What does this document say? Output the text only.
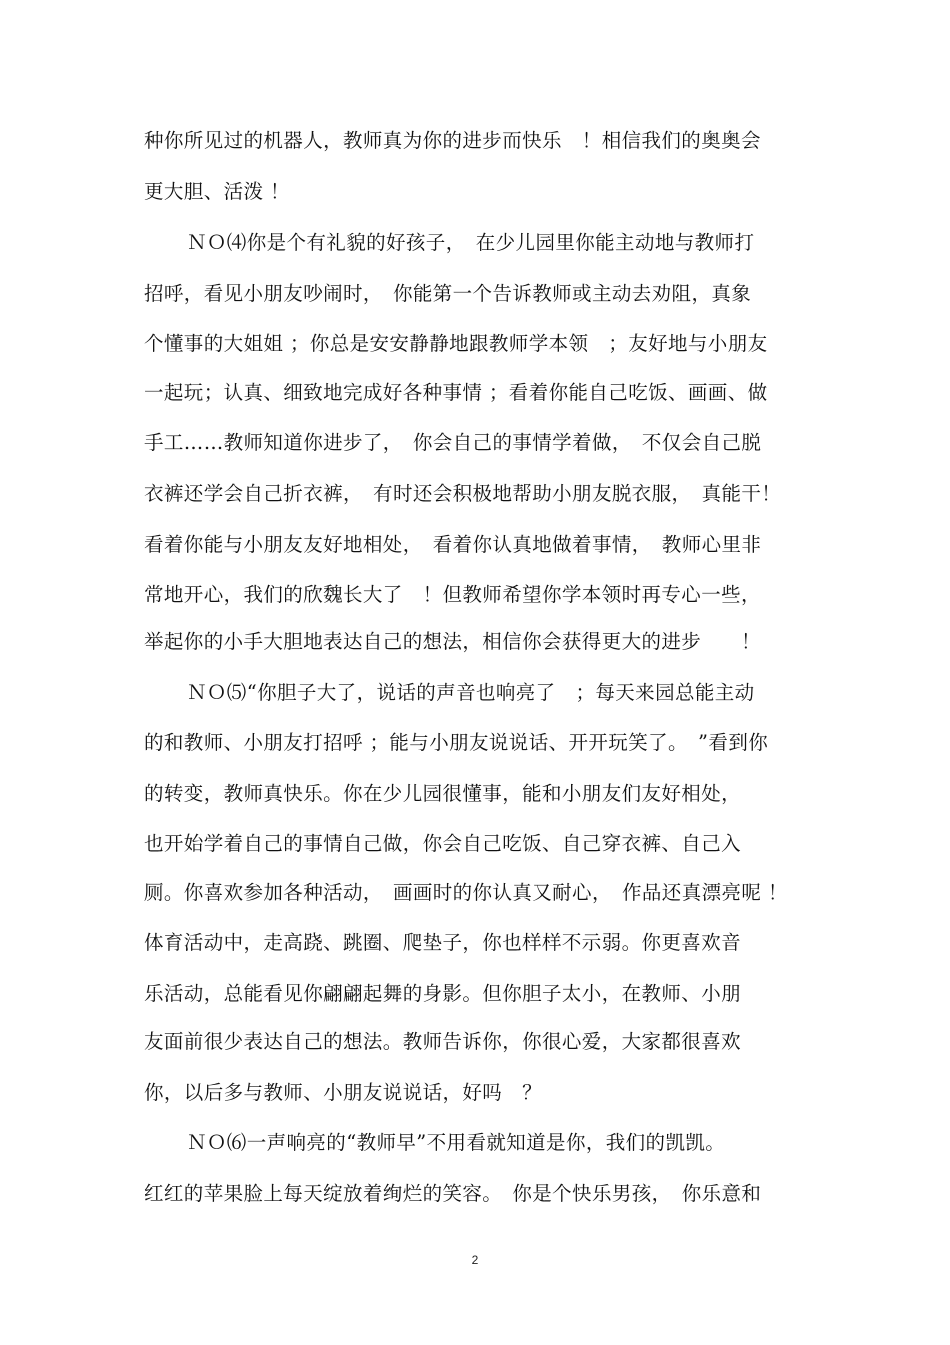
种你所见过的机器人，教师真为你的进步而快乐　！相信我们的奥奥会
更大胆、活泼 ！
ＮＯ⑷你是个有礼貌的好孩子，　在少儿园里你能主动地与教师打
招呼，看见小朋友吵闹时，　你能第一个告诉教师或主动去劝阻，真象
个懂事的大姐姐 ；你总是安安静静地跟教师学本领　；友好地与小朋友
一起玩；认真、细致地完成好各种事情 ；看着你能自己吃饭、画画、做
手工……教师知道你进步了，　你会自己的事情学着做，　不仅会自己脱
衣裤还学会自己折衣裤，　有时还会积极地帮助小朋友脱衣服，　真能干！
看着你能与小朋友友好地相处，　看着你认真地做着事情，　教师心里非
常地开心，我们的欣魏长大了　！但教师希望你学本领时再专心一些，
举起你的小手大胆地表达自己的想法，相信你会获得更大的进步　　！
ＮＯ⑸“你胆子大了，说话的声音也响亮了　；每天来园总能主动
的和教师、小朋友打招呼 ；能与小朋友说说话、开开玩笑了。　”看到你
的转变，教师真快乐。你在少儿园很懂事，能和小朋友们友好相处，
也开始学着自己的事情自己做，你会自己吃饭、自己穿衣裤、自己入
厕。你喜欢参加各种活动，　画画时的你认真又耐心，　作品还真漂亮呢 ！
体育活动中，走高跷、跳圈、爬垫子，你也样样不示弱。你更喜欢音
乐活动，总能看见你翩翩起舞的身影。但你胆子太小，在教师、小朋
友面前很少表达自己的想法。教师告诉你，你很心爱，大家都很喜欢
你，以后多与教师、小朋友说说话，好吗　？
ＮＯ⑹一声响亮的“教师早”不用看就知道是你，我们的凯凯。
红红的苹果脸上每天绽放着绚烂的笑容。　你是个快乐男孩，　你乐意和
2
